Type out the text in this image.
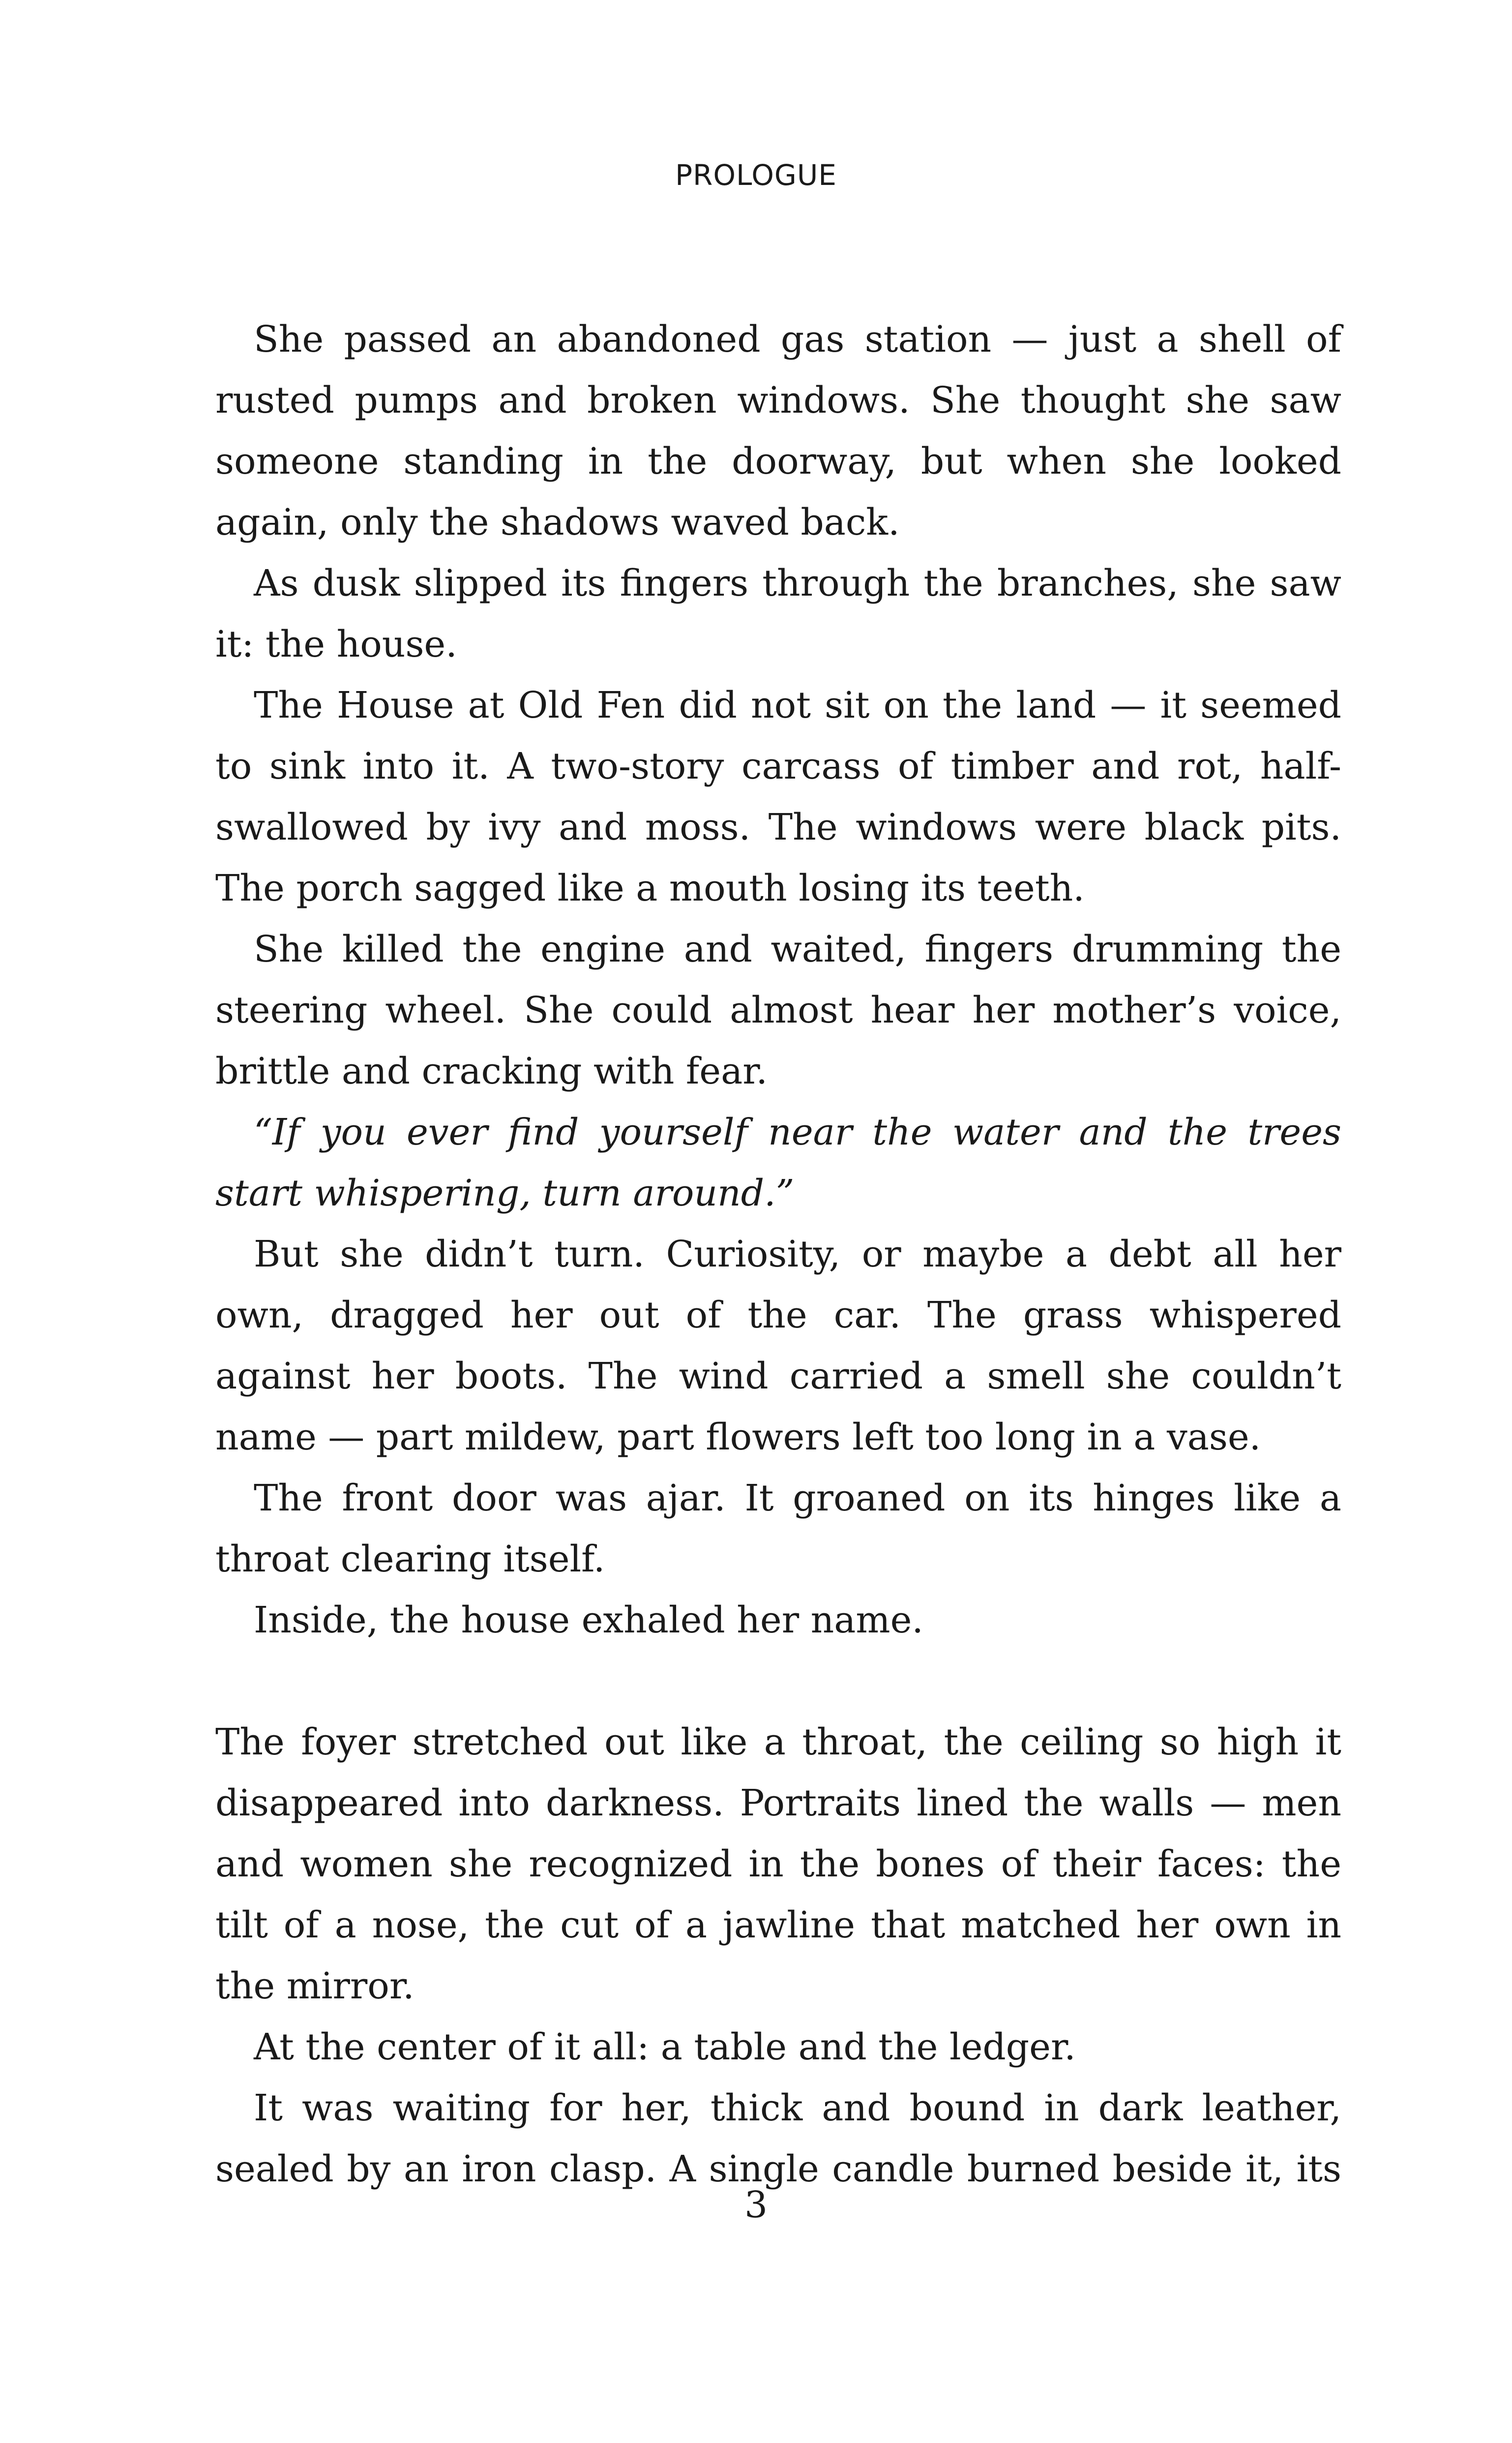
PROLOGUE

She passed an abandoned gas station — just a shell of rusted pumps and broken windows. She thought she saw someone standing in the doorway, but when she looked again, only the shadows waved back.

As dusk slipped its fingers through the branches, she saw it: the house.

The House at Old Fen did not sit on the land — it seemed to sink into it. A two-story carcass of timber and rot, half-swallowed by ivy and moss. The windows were black pits. The porch sagged like a mouth losing its teeth.

She killed the engine and waited, fingers drumming the steering wheel. She could almost hear her mother’s voice, brittle and cracking with fear.

“If you ever find yourself near the water and the trees start whispering, turn around.”

But she didn’t turn. Curiosity, or maybe a debt all her own, dragged her out of the car. The grass whispered against her boots. The wind carried a smell she couldn’t name — part mildew, part flowers left too long in a vase.

The front door was ajar. It groaned on its hinges like a throat clearing itself.

Inside, the house exhaled her name.

The foyer stretched out like a throat, the ceiling so high it disappeared into darkness. Portraits lined the walls — men and women she recognized in the bones of their faces: the tilt of a nose, the cut of a jawline that matched her own in the mirror.

At the center of it all: a table and the ledger.

It was waiting for her, thick and bound in dark leather, sealed by an iron clasp. A single candle burned beside it, its

3
